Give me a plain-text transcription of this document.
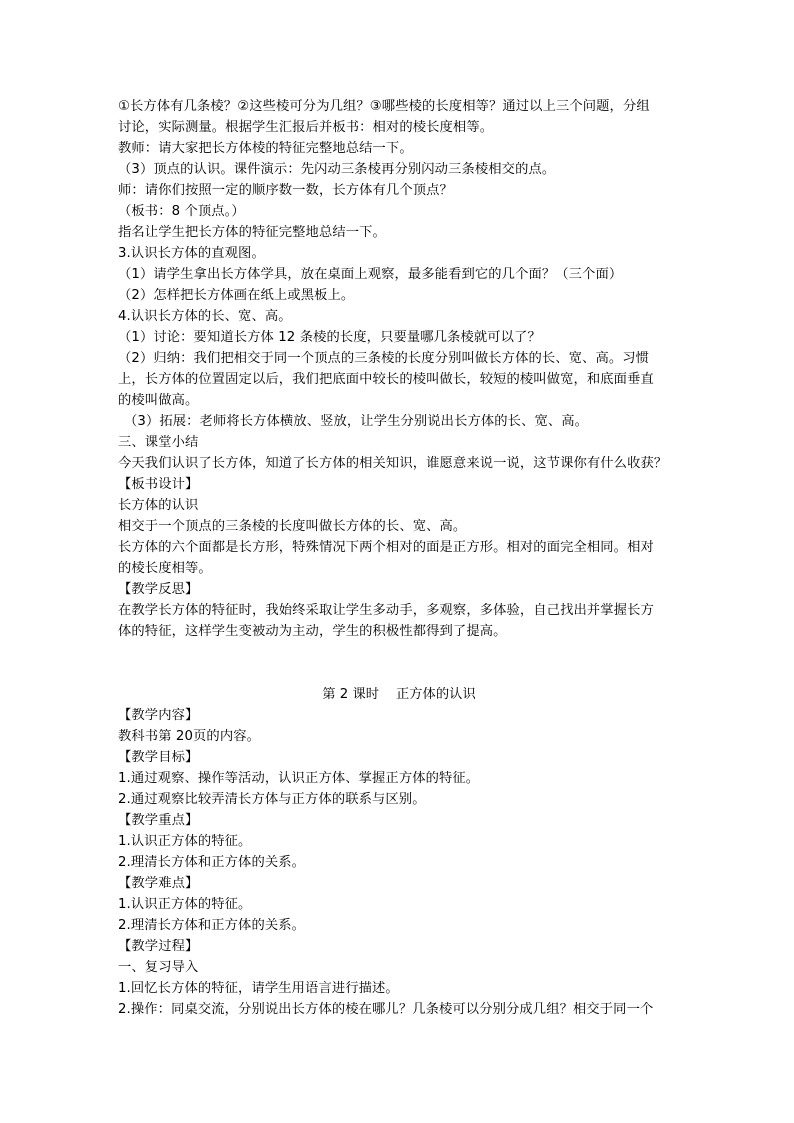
①长方体有几条棱？②这些棱可分为几组？③哪些棱的长度相等？通过以上三个问题，分组
讨论，实际测量。根据学生汇报后并板书：相对的棱长度相等。
教师：请大家把长方体棱的特征完整地总结一下。
（3）顶点的认识。课件演示：先闪动三条棱再分别闪动三条棱相交的点。
师：请你们按照一定的顺序数一数，长方体有几个顶点？
（板书：8 个顶点。）
指名让学生把长方体的特征完整地总结一下。
3.认识长方体的直观图。
（1）请学生拿出长方体学具，放在桌面上观察，最多能看到它的几个面？（三个面）
（2）怎样把长方体画在纸上或黑板上。
4.认识长方体的长、宽、高。
（1）讨论：要知道长方体 12 条棱的长度，只要量哪几条棱就可以了？
（2）归纳：我们把相交于同一个顶点的三条棱的长度分别叫做长方体的长、宽、高。习惯
上，长方体的位置固定以后，我们把底面中较长的棱叫做长，较短的棱叫做宽，和底面垂直
的棱叫做高。
（3）拓展：老师将长方体横放、竖放，让学生分别说出长方体的长、宽、高。
三、课堂小结
今天我们认识了长方体，知道了长方体的相关知识，谁愿意来说一说，这节课你有什么收获？
【板书设计】
长方体的认识
相交于一个顶点的三条棱的长度叫做长方体的长、宽、高。
长方体的六个面都是长方形，特殊情况下两个相对的面是正方形。相对的面完全相同。相对
的棱长度相等。
【教学反思】
在教学长方体的特征时，我始终采取让学生多动手，多观察，多体验，自己找出并掌握长方
体的特征，这样学生变被动为主动，学生的积极性都得到了提高。
第 2 课时    正方体的认识
【教学内容】
教科书第 20页的内容。
【教学目标】
1.通过观察、操作等活动，认识正方体、掌握正方体的特征。
2.通过观察比较弄清长方体与正方体的联系与区别。
【教学重点】
1.认识正方体的特征。
2.理清长方体和正方体的关系。
【教学难点】
1.认识正方体的特征。
2.理清长方体和正方体的关系。
【教学过程】
一、复习导入
1.回忆长方体的特征，请学生用语言进行描述。
2.操作：同桌交流，分别说出长方体的棱在哪儿？几条棱可以分别分成几组？相交于同一个
